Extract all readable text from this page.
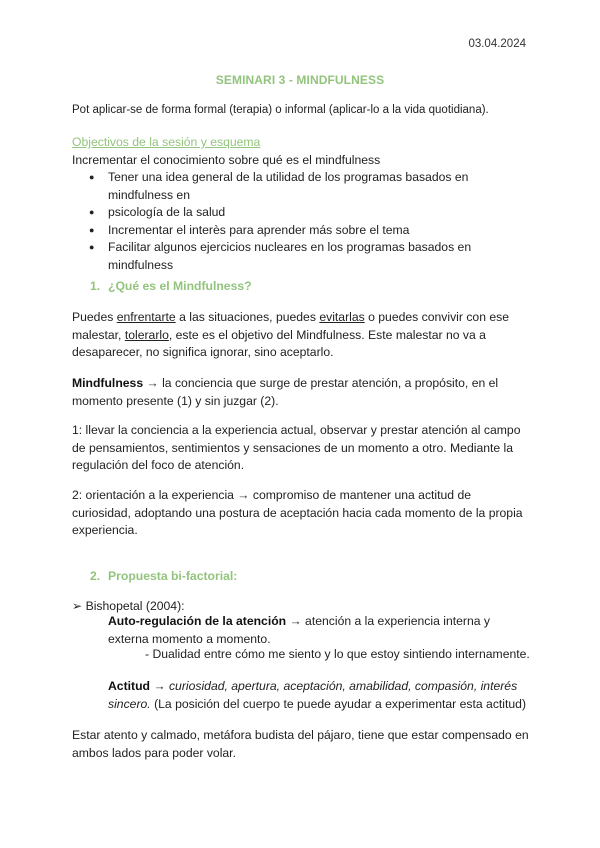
03.04.2024
SEMINARI 3 - MINDFULNESS

Pot aplicar-se de forma formal (terapia) o informal (aplicar-lo a la vida quotidiana).

Objectivos de la sesión y esquema

Incrementar el conocimiento sobre qué es el mindfulness

● Tener una idea general de la utilidad de los programas basados en mindfulness en
● psicología de la salud
● Incrementar el interès para aprender más sobre el tema
● Facilitar algunos ejercicios nucleares en los programas basados en mindfulness
1. ¿Qué es el Mindfulness?

Puedes enfrentarte a las situaciones, puedes evitarlas o puedes convivir con ese malestar, tolerarlo, este es el objetivo del Mindfulness. Este malestar no va a desaparecer, no significa ignorar, sino aceptarlo.

Mindfulness → la conciencia que surge de prestar atención, a propósito, en el momento presente (1) y sin juzgar (2).

1: llevar la conciencia a la experiencia actual, observar y prestar atención al campo de pensamientos, sentimientos y sensaciones de un momento a otro. Mediante la regulación del foco de atención.

2: orientación a la experiencia → compromiso de mantener una actitud de curiosidad, adoptando una postura de aceptación hacia cada momento de la propia experiencia.

2. Propuesta bi-factorial:

➢ Bishopetal (2004):

Auto-regulación de la atención → atención a la experiencia interna y externa momento a momento.

- Dualidad entre cómo me siento y lo que estoy sintiendo internamente.

Actitud → curiosidad, apertura, aceptación, amabilidad, compasión, interés sincero. (La posición del cuerpo te puede ayudar a experimentar esta actitud)

Estar atento y calmado, metáfora budista del pájaro, tiene que estar compensado en ambos lados para poder volar.
